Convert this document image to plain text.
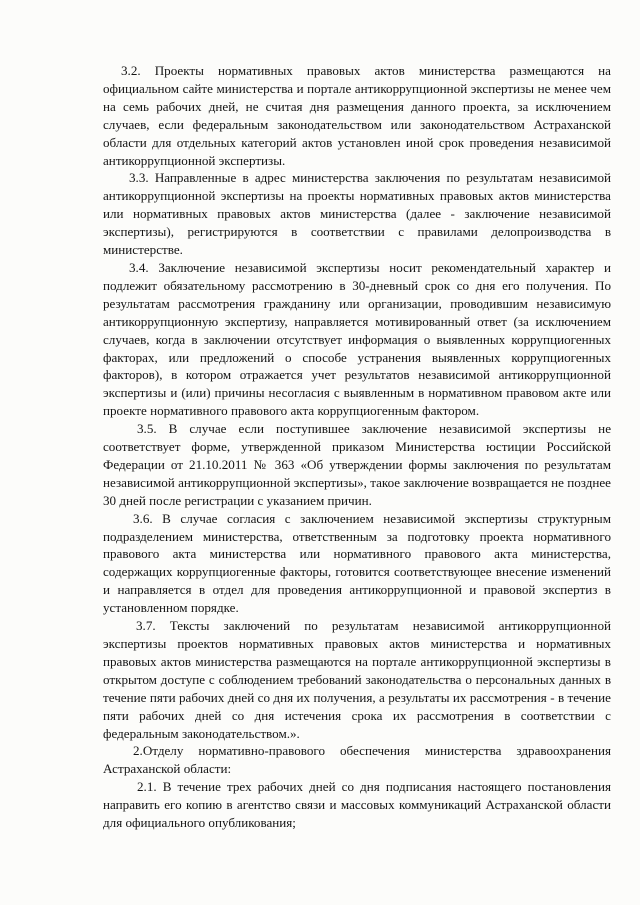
3.2. Проекты нормативных правовых актов министерства размещаются на официальном сайте министерства и портале антикоррупционной экспертизы не менее чем на семь рабочих дней, не считая дня размещения данного проекта, за исключением случаев, если федеральным законодательством или законодательством Астраханской области для отдельных категорий актов установлен иной срок проведения независимой антикоррупционной экспертизы.

3.3. Направленные в адрес министерства заключения по результатам независимой антикоррупционной экспертизы на проекты нормативных правовых актов министерства или нормативных правовых актов министерства (далее - заключение независимой экспертизы), регистрируются в соответствии с правилами делопроизводства в министерстве.

3.4. Заключение независимой экспертизы носит рекомендательный характер и подлежит обязательному рассмотрению в 30-дневный срок со дня его получения. По результатам рассмотрения гражданину или организации, проводившим независимую антикоррупционную экспертизу, направляется мотивированный ответ (за исключением случаев, когда в заключении отсутствует информация о выявленных коррупциогенных факторах, или предложений о способе устранения выявленных коррупциогенных факторов), в котором отражается учет результатов независимой антикоррупционной экспертизы и (или) причины несогласия с выявленным в нормативном правовом акте или проекте нормативного правового акта коррупциогенным фактором.

3.5. В случае если поступившее заключение независимой экспертизы не соответствует форме, утвержденной приказом Министерства юстиции Российской Федерации от 21.10.2011 № 363 «Об утверждении формы заключения по результатам независимой антикоррупционной экспертизы», такое заключение возвращается не позднее 30 дней после регистрации с указанием причин.

3.6. В случае согласия с заключением независимой экспертизы структурным подразделением министерства, ответственным за подготовку проекта нормативного правового акта министерства или нормативного правового акта министерства, содержащих коррупциогенные факторы, готовится соответствующее внесение изменений и направляется в отдел для проведения антикоррупционной и правовой экспертиз в установленном порядке.

3.7. Тексты заключений по результатам независимой антикоррупционной экспертизы проектов нормативных правовых актов министерства и нормативных правовых актов министерства размещаются на портале антикоррупционной экспертизы в открытом доступе с соблюдением требований законодательства о персональных данных в течение пяти рабочих дней со дня их получения, а результаты их рассмотрения - в течение пяти рабочих дней со дня истечения срока их рассмотрения в соответствии с федеральным законодательством.».

2.Отделу нормативно-правового обеспечения министерства здравоохранения Астраханской области:

2.1. В течение трех рабочих дней со дня подписания настоящего постановления направить его копию в агентство связи и массовых коммуникаций Астраханской области для официального опубликования;
